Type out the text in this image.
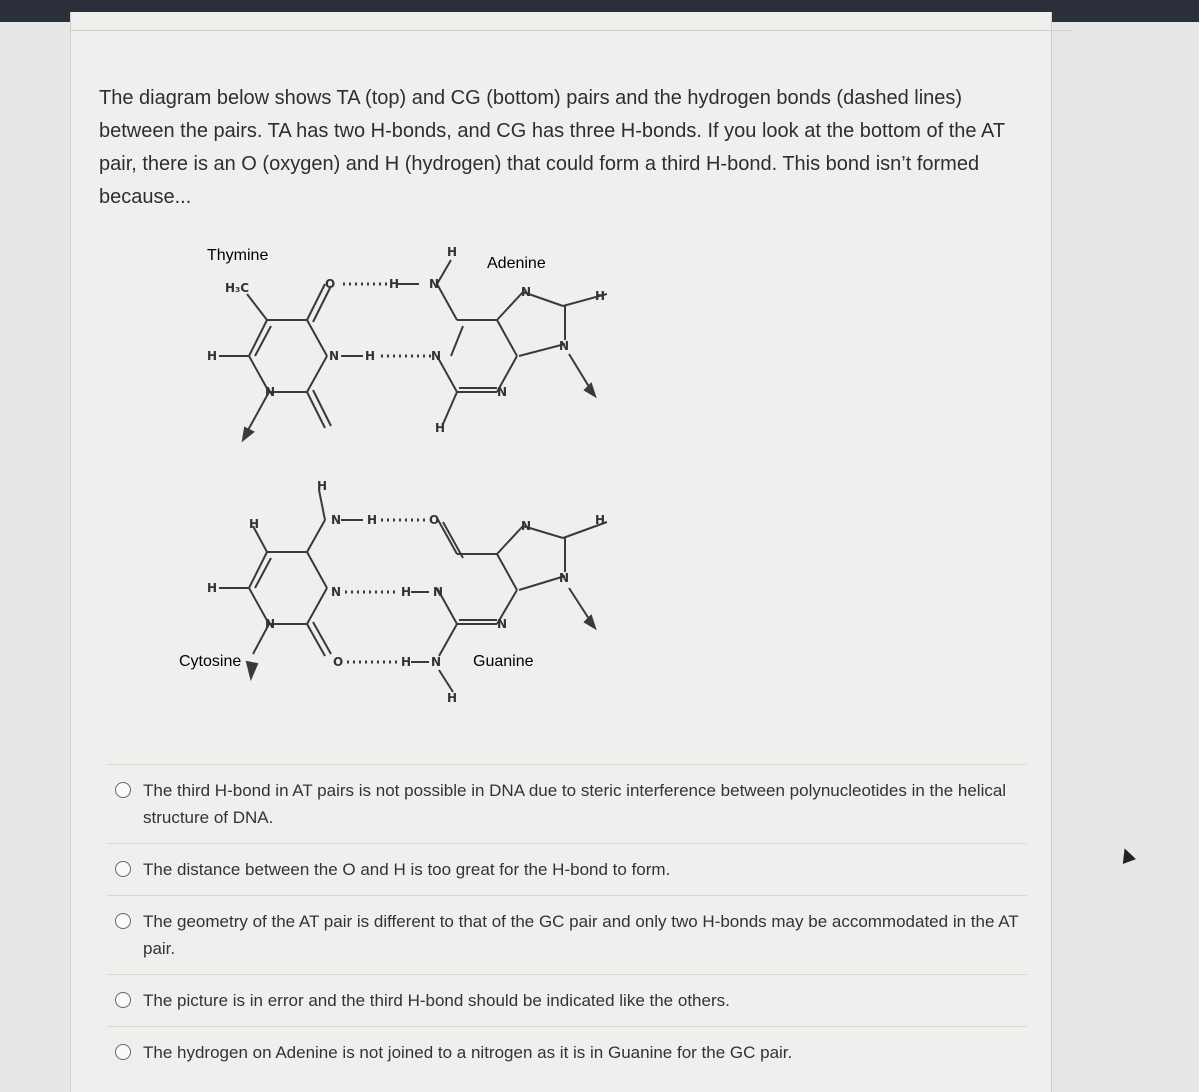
The diagram below shows TA (top) and CG (bottom) pairs and the hydrogen bonds (dashed lines) between the pairs. TA has two H-bonds, and CG has three H-bonds. If you look at the bottom of the AT pair, there is an O (oxygen) and H (hydrogen) that could form a third H-bond. This bond isn’t formed because...

Thymine	Adenine
H₃C	O	H N
H
N H	N
H
N	H
N
H
N
N
Cytosine	Guanine
H
N H	O
N	H N
O	H N
H
H
H
N
N	H
N
N
The third H-bond in AT pairs is not possible in DNA due to steric interference between polynucleotides in the helical structure of DNA.
The distance between the O and H is too great for the H-bond to form.
The geometry of the AT pair is different to that of the GC pair and only two H-bonds may be accommodated in the AT pair.
The picture is in error and the third H-bond should be indicated like the others.
The hydrogen on Adenine is not joined to a nitrogen as it is in Guanine for the GC pair.
